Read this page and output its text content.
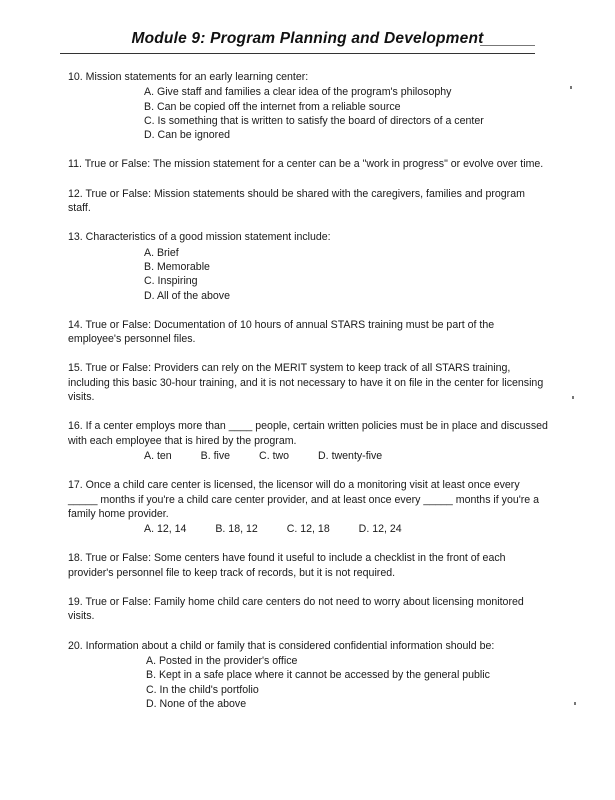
Module 9: Program Planning and Development
10. Mission statements for an early learning center:
A. Give staff and families a clear idea of the program's philosophy
B. Can be copied off the internet from a reliable source
C. Is something that is written to satisfy the board of directors of a center
D. Can be ignored
11. True or False: The mission statement for a center can be a "work in progress" or evolve over time.
12. True or False: Mission statements should be shared with the caregivers, families and program staff.
13. Characteristics of a good mission statement include:
A. Brief
B. Memorable
C. Inspiring
D. All of the above
14. True or False: Documentation of 10 hours of annual STARS training must be part of the employee's personnel files.
15. True or False: Providers can rely on the MERIT system to keep track of all STARS training, including this basic 30-hour training, and it is not necessary to have it on file in the center for licensing visits.
16. If a center employs more than ____ people, certain written policies must be in place and discussed with each employee that is hired by the program.
A. ten	B. five	C. two	D. twenty-five
17. Once a child care center is licensed, the licensor will do a monitoring visit at least once every _____ months if you're a child care center provider, and at least once every _____ months if you're a family home provider.
A. 12, 14	B. 18, 12	C. 12, 18	D. 12, 24
18. True or False: Some centers have found it useful to include a checklist in the front of each provider's personnel file to keep track of records, but it is not required.
19. True or False: Family home child care centers do not need to worry about licensing monitored visits.
20. Information about a child or family that is considered confidential information should be:
A. Posted in the provider's office
B. Kept in a safe place where it cannot be accessed by the general public
C. In the child's portfolio
D. None of the above
